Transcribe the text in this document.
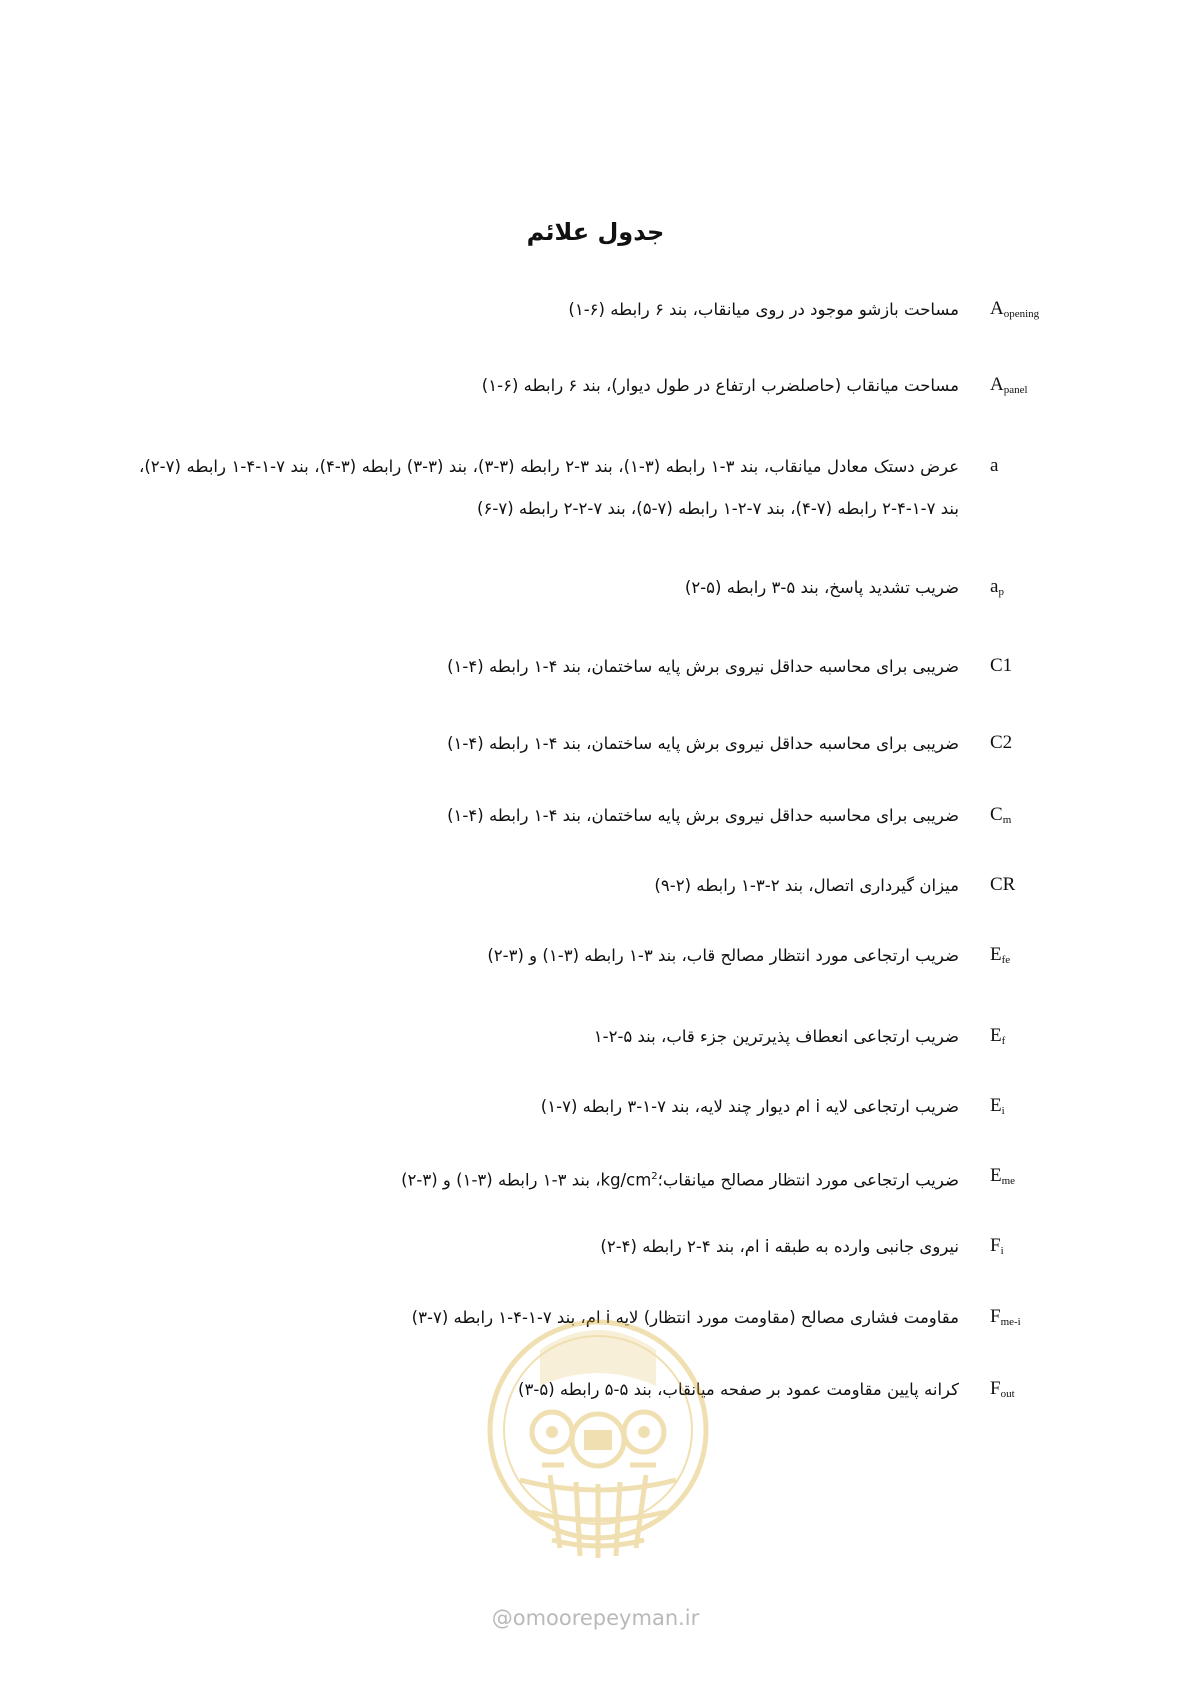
جدول علائم
$A_{opening}$
مساحت بازشو موجود در روی میانقاب، بند ۶ رابطه (۶-۱)
$A_{panel}$
مساحت میانقاب (حاصلضرب ارتفاع در طول دیوار)، بند ۶ رابطه (۶-۱)
a
عرض دستک معادل میانقاب، بند ۳-۱ رابطه (۳-۱)، بند ۳-۲ رابطه (۳-۳)، بند (۳-۳) رابطه (۳-۴)، بند ۷-۱-۴-۱ رابطه (۷-۲)، بند ۷-۱-۴-۲ رابطه (۷-۴)، بند ۷-۲-۱ رابطه (۷-۵)، بند ۷-۲-۲ رابطه (۷-۶)
$a_p$
ضریب تشدید پاسخ، بند ۵-۳ رابطه (۵-۲)
C1
ضریبی برای محاسبه حداقل نیروی برش پایه ساختمان، بند ۴-۱ رابطه (۴-۱)
C2
ضریبی برای محاسبه حداقل نیروی برش پایه ساختمان، بند ۴-۱ رابطه (۴-۱)
$C_m$
ضریبی برای محاسبه حداقل نیروی برش پایه ساختمان، بند ۴-۱ رابطه (۴-۱)
CR
میزان گیرداری اتصال، بند ۲-۳-۱ رابطه (۲-۹)
$E_{fe}$
ضریب ارتجاعی مورد انتظار مصالح قاب، بند ۳-۱ رابطه (۳-۱) و (۳-۲)
$E_f$
ضریب ارتجاعی انعطاف پذیرترین جزء قاب، بند ۵-۲-۱
$E_i$
ضریب ارتجاعی لایه i ام دیوار چند لایه، بند ۷-۱-۳ رابطه (۷-۱)
$E_{me}$
ضریب ارتجاعی مورد انتظار مصالح $میانقاب؛kg/cm^2،$ بند ۳-۱ رابطه (۳-۱) و (۳-۲)
$F_i$
نیروی جانبی وارده به طبقه i ام، بند ۴-۲ رابطه (۴-۲)
$F_{me-i}$
مقاومت فشاری مصالح (مقاومت مورد انتظار) لایه i ام، بند ۷-۱-۴-۱ رابطه (۷-۳)
$F_{out}$
کرانه پایین مقاومت عمود بر صفحه میانقاب، بند ۵-۵ رابطه (۵-۳)
@omoorepeyman.ir
